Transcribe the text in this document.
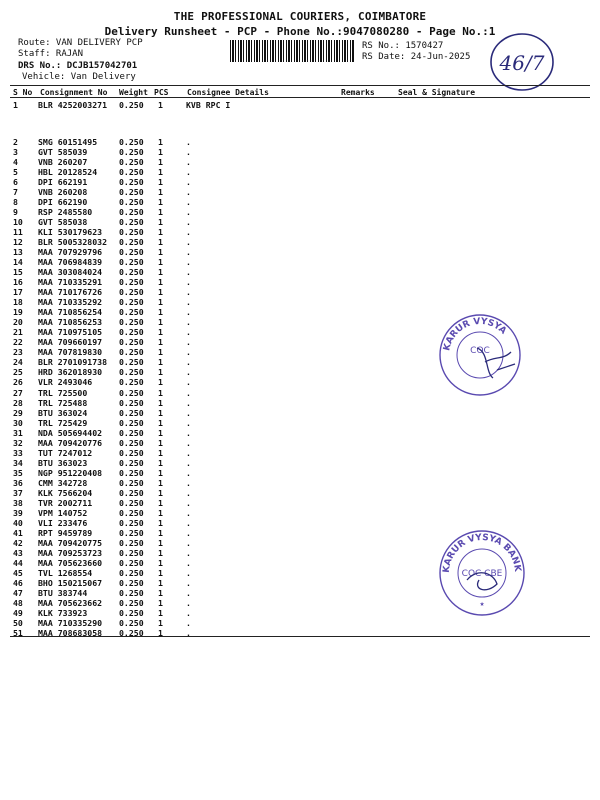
THE PROFESSIONAL COURIERS, COIMBATORE
Delivery Runsheet - PCP - Phone No.:9047080280 - Page No.:1
Route: VAN DELIVERY PCP
Staff: RAJAN
DRS No.: DCJB157042701
Vehicle: Van Delivery
RS No.: 1570427
RS Date: 24-Jun-2025 46/7
S No Consignment No Weight PCS Consignee Details	Remarks	Seal & Signature
1 BLR 4252003271 0.250 1	KVB RPC I
2 SMG 60151495	0.250 1	.
3 GVT 585039	0.250 1	.
4 VNB 260207	0.250 1	.
5 HBL 20128524	0.250 1	.
6 DPI 662191	0.250 1	.
7 VNB 260208	0.250 1	.
8 DPI 662190	0.250 1	.
9 RSP 2485580	0.250 1	.
10 GVT 585038	0.250 1	.
11 KLI 530179623 0.250 1	.
12 BLR 5005328032 0.250 1	.
13 MAA 707929796 0.250 1	.
14 MAA 706984839 0.250 1	.
15 MAA 303084024 0.250 1	.
16 MAA 710335291 0.250 1	.
17 MAA 710176726 0.250 1	.
18 MAA 710335292 0.250 1	.
19 MAA 710856254 0.250 1	.
20 MAA 710856253 0.250 1	.
21 MAA 710975105 0.250 1	.
22 MAA 709660197 0.250 1	.
23 MAA 707819830 0.250 1	.
24 BLR 2701091738 0.250 1	.
25 HRD 362018930 0.250 1	.
26 VLR 2493046	0.250 1	.
27 TRL 725500	0.250 1	.
28 TRL 725488	0.250 1	.
29 BTU 363024	0.250 1	.
30 TRL 725429	0.250 1	.
31 NDA 505694402 0.250 1	.
32 MAA 709420776 0.250 1	.
33 TUT 7247012	0.250 1	.
34 BTU 363023	0.250 1	.
35 NGP 951220408 0.250 1	.
36 CMM 342728	0.250 1	.
37 KLK 7566204	0.250 1	.
38 TVR 2002711	0.250 1	.
39 VPM 140752	0.250 1	.
40 VLI 233476	0.250 1	.
41 RPT 9459789	0.250 1	.
42 MAA 709420775 0.250 1	.
43 MAA 709253723 0.250 1	.
44 MAA 705623660 0.250 1	.
45 TVL 1268554	0.250 1	.
46 BHO 150215067 0.250 1	.
47 BTU 383744	0.250 1	.
48 MAA 705623662 0.250 1	.
49 KLK 733923	0.250 1	.
50 MAA 710335290 0.250 1	.
51 MAA 708683058 0.250 1	.
KARUR VYSYA
COC
KARUR VYSYA BANK
COC CBE
★
